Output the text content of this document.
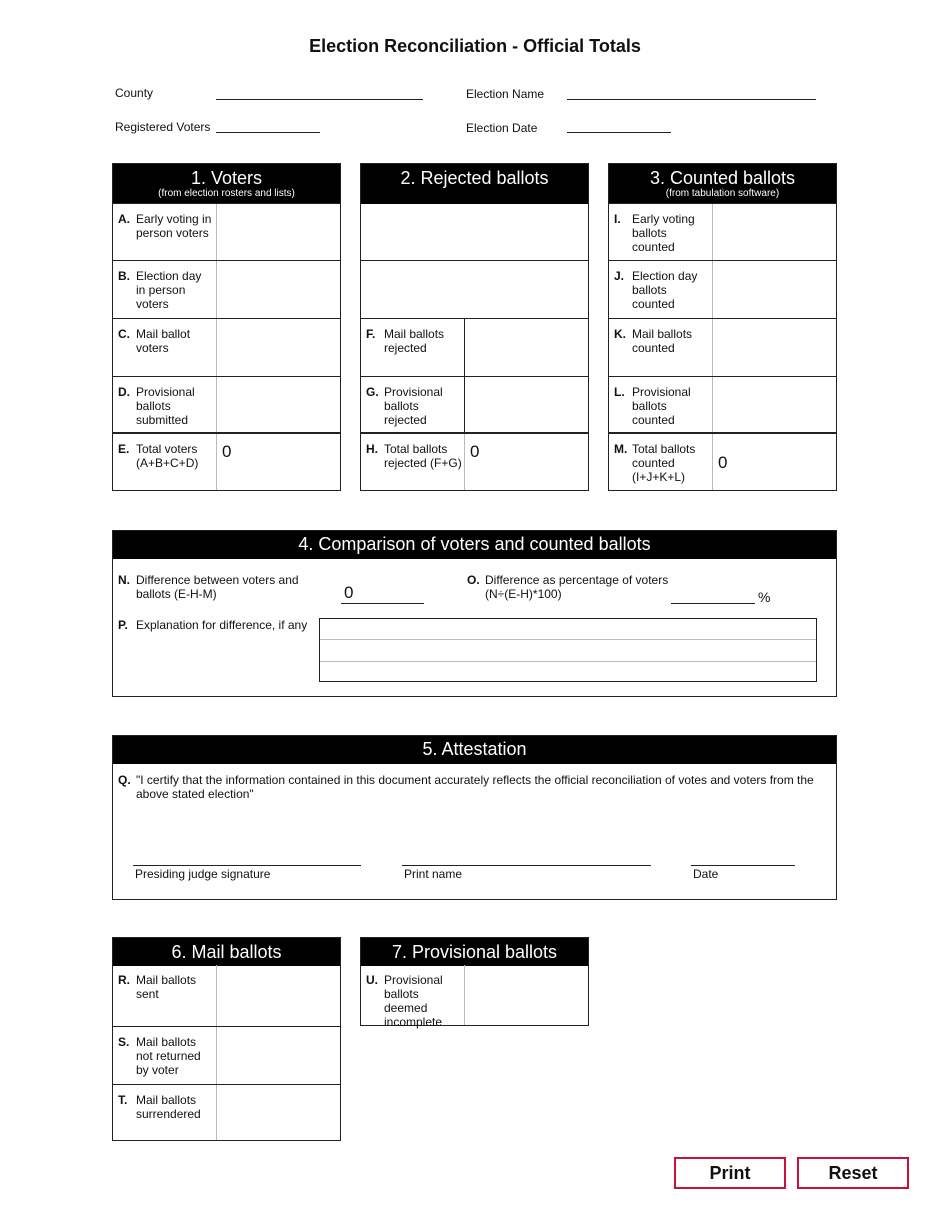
Election Reconciliation - Official Totals
County	Election Name
Registered Voters	Election Date
1. Voters
(from election rosters and lists)
A. Early voting in person voters
B. Election day in person voters
C. Mail ballot voters
D. Provisional ballots submitted
E. Total voters (A+B+C+D)
0
2. Rejected ballots
F. Mail ballots rejected
G. Provisional ballots rejected
H. Total ballots rejected (F+G)
0
3. Counted ballots
(from tabulation software)
I. Early voting ballots counted
J. Election day ballots counted
K. Mail ballots counted
L. Provisional ballots counted
M. Total ballots counted (I+J+K+L)
0
4. Comparison of voters and counted ballots
N. Difference between voters and ballots (E-H-M)	0
O. Difference as percentage of voters (N÷(E-H)*100)	%
P. Explanation for difference, if any
5. Attestation
Q. "I certify that the information contained in this document accurately reflects the official reconciliation of votes and voters from the above stated election"
Presiding judge signature	Print name	Date
6. Mail ballots
R. Mail ballots sent
S. Mail ballots not returned by voter
T. Mail ballots surrendered
7. Provisional ballots
U. Provisional ballots deemed incomplete
Print	Reset
